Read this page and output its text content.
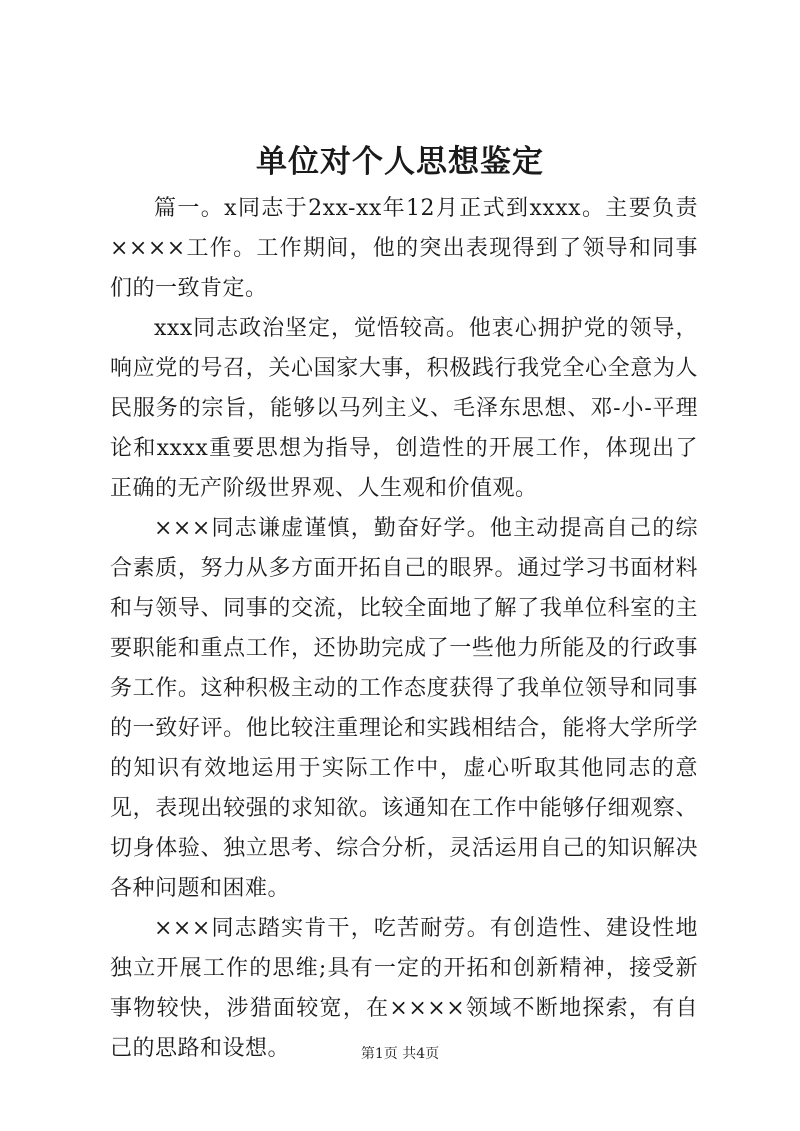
单位对个人思想鉴定

篇一。x同志于2xx-xx年12月正式到xxxx。主要负责××××工作。工作期间，他的突出表现得到了领导和同事们的一致肯定。

xxx同志政治坚定，觉悟较高。他衷心拥护党的领导，响应党的号召，关心国家大事，积极践行我党全心全意为人民服务的宗旨，能够以马列主义、毛泽东思想、邓-小-平理论和xxxx重要思想为指导，创造性的开展工作，体现出了正确的无产阶级世界观、人生观和价值观。

×××同志谦虚谨慎，勤奋好学。他主动提高自己的综合素质，努力从多方面开拓自己的眼界。通过学习书面材料和与领导、同事的交流，比较全面地了解了我单位科室的主要职能和重点工作，还协助完成了一些他力所能及的行政事务工作。这种积极主动的工作态度获得了我单位领导和同事的一致好评。他比较注重理论和实践相结合，能将大学所学的知识有效地运用于实际工作中，虚心听取其他同志的意见，表现出较强的求知欲。该通知在工作中能够仔细观察、切身体验、独立思考、综合分析，灵活运用自己的知识解决各种问题和困难。

×××同志踏实肯干，吃苦耐劳。有创造性、建设性地独立开展工作的思维;具有一定的开拓和创新精神，接受新事物较快，涉猎面较宽，在××××领域不断地探索，有自己的思路和设想。	第1页 共4页
